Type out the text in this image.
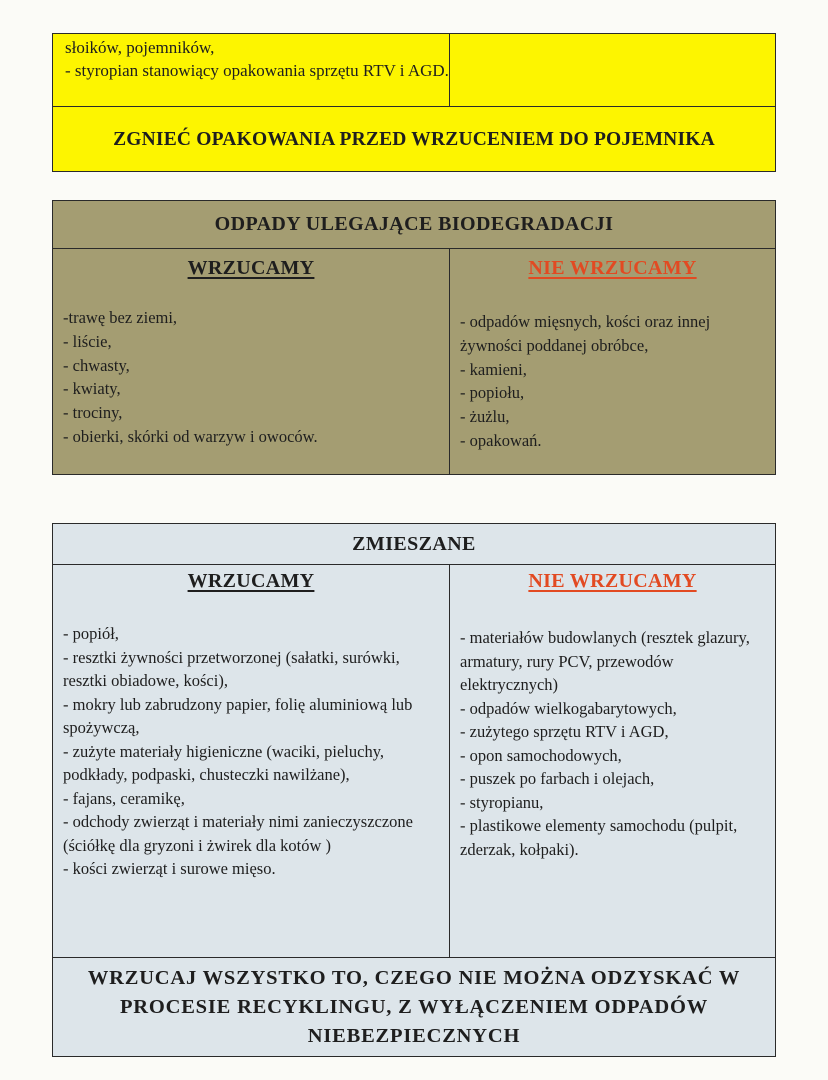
słoików, pojemników,
- styropian stanowiący opakowania sprzętu RTV i AGD.
ZGNIEĆ OPAKOWANIA PRZED WRZUCENIEM DO POJEMNIKA
ODPADY ULEGAJĄCE BIODEGRADACJI
WRZUCAMY
-trawę bez ziemi,
- liście,
- chwasty,
- kwiaty,
- trociny,
- obierki, skórki od warzyw i owoców.
NIE WRZUCAMY
- odpadów mięsnych, kości oraz innej żywności poddanej obróbce,
- kamieni,
- popiołu,
- żużlu,
- opakowań.
ZMIESZANE
WRZUCAMY
- popiół,
- resztki żywności przetworzonej (sałatki, surówki, resztki obiadowe, kości),
- mokry lub zabrudzony papier, folię aluminiową lub spożywczą,
- zużyte materiały higieniczne (waciki, pieluchy, podkłady, podpaski, chusteczki nawilżane),
- fajans, ceramikę,
- odchody zwierząt i materiały nimi zanieczyszczone (ściółkę dla gryzoni i żwirek dla kotów )
- kości zwierząt i surowe mięso.
NIE WRZUCAMY
- materiałów budowlanych (resztek glazury, armatury, rury PCV, przewodów elektrycznych)
- odpadów wielkogabarytowych,
- zużytego sprzętu RTV i AGD,
- opon samochodowych,
- puszek po farbach i olejach,
- styropianu,
- plastikowe elementy samochodu (pulpit, zderzak, kołpaki).
WRZUCAJ WSZYSTKO TO, CZEGO NIE MOŻNA ODZYSKAĆ W PROCESIE RECYKLINGU, Z WYŁĄCZENIEM ODPADÓW NIEBEZPIECZNYCH
